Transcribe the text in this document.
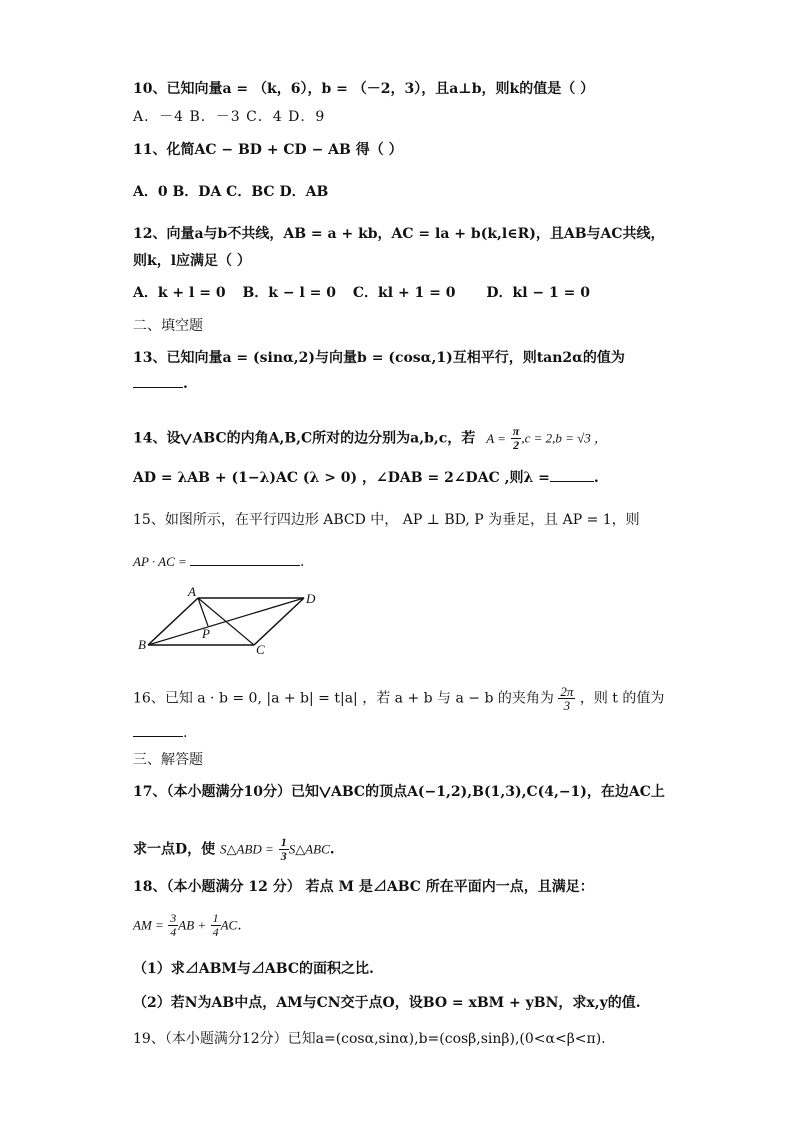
10、已知向量a = （k，6），b = （－2，3），且a⊥b，则k的值是（ ）
A．－4 B．－3 C．4 D．9
11、化简AC − BD + CD − AB 得（ ）
A．0 B．DA C．BC D．AB
12、向量a与b不共线，AB = a + kb，AC = la + b(k,l∈R)，且AB与AC共线，
则k，l应满足（ ）
A．k + l = 0 B．k − l = 0 C．kl + 1 = 0 D．kl − 1 = 0
二、填空题
13、已知向量a = (sinα,2)与向量b = (cosα,1)互相平行，则tan2α的值为
.
14、设 ABC的内角A,B,C所对的边分别为a,b,c，若 $A = \frac{\pi}{2} ,c = 2,b = √3$ ，
AD = λAB + (1−λ)AC (λ > 0) ，∠DAB = 2∠DAC ,则λ =	.
15、如图所示，在平行四边形 ABCD 中， AP ⊥ BD, P 为垂足，且 AP = 1，则
AP · AC =	.
A
B	C
D
P
16、已知 a · b = 0, |a + b| = t|a| ，若 a + b 与 a − b 的夹角为 $\frac{2\pi}{3}$ ，则 t 的值为
.
三、解答题
17、（本小题满分10分）已知 ABC的顶点A(−1,2),B(1,3),C(4,−1)，在边AC上
求一点D，使 S△ABD = $\frac{1}{3}$ S△ABC.
18、（本小题满分 12 分） 若点 M 是⊿ABC 所在平面内一点，且满足：
AM = $\frac{3}{4}$ AB + $\frac{1}{4}$ AC.
（1）求⊿ABM与⊿ABC的面积之比.
（2）若N为AB中点，AM与CN交于点O，设BO = xBM + yBN，求x,y的值.
19、（本小题满分12分）已知a=(cosα,sinα),b=(cosβ,sinβ),(0<α<β<π).
